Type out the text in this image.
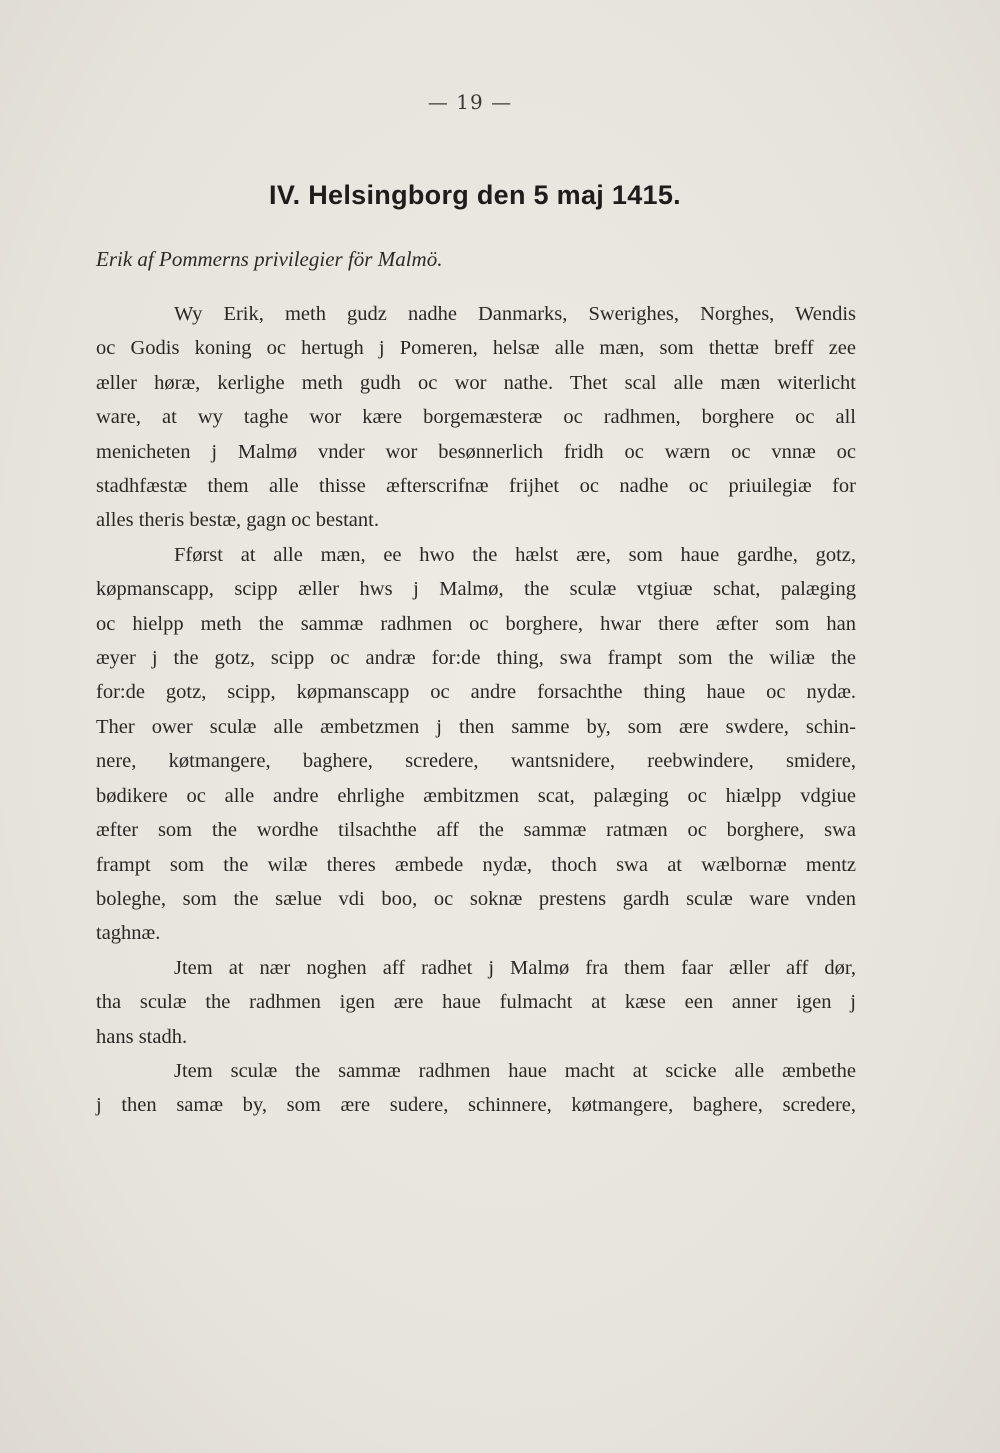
— 19 —
IV. Helsingborg den 5 maj 1415.
Erik af Pommerns privilegier för Malmö.
Wy Erik, meth gudz nadhe Danmarks, Swerighes, Norghes, Wendis
oc Godis koning oc hertugh j Pomeren, helsæ alle mæn, som thettæ breff zee
æller høræ, kerlighe meth gudh oc wor nathe. Thet scal alle mæn witerlicht
ware, at wy taghe wor kære borgemæsteræ oc radhmen, borghere oc all
menicheten j Malmø vnder wor besønnerlich fridh oc wærn oc vnnæ oc
stadhfæstæ them alle thisse æfterscrifnæ frijhet oc nadhe oc priuilegiæ for
alles theris bestæ, gagn oc bestant.
Fførst at alle mæn, ee hwo the hælst ære, som haue gardhe, gotz,
køpmanscapp, scipp æller hws j Malmø, the sculæ vtgiuæ schat, palæging
oc hielpp meth the sammæ radhmen oc borghere, hwar there æfter som han
æyer j the gotz, scipp oc andræ for:de thing, swa frampt som the wiliæ the
for:de gotz, scipp, køpmanscapp oc andre forsachthe thing haue oc nydæ.
Ther ower sculæ alle æmbetzmen j then samme by, som ære swdere, schin-
nere, køtmangere, baghere, scredere, wantsnidere, reebwindere, smidere,
bødikere oc alle andre ehrlighe æmbitzmen scat, palæging oc hiælpp vdgiue
æfter som the wordhe tilsachthe aff the sammæ ratmæn oc borghere, swa
frampt som the wilæ theres æmbede nydæ, thoch swa at wælbornæ mentz
boleghe, som the sælue vdi boo, oc soknæ prestens gardh sculæ ware vnden
taghnæ.
Jtem at nær noghen aff radhet j Malmø fra them faar æller aff dør,
tha sculæ the radhmen igen ære haue fulmacht at kæse een anner igen j
hans stadh.
Jtem sculæ the sammæ radhmen haue macht at scicke alle æmbethe
j then samæ by, som ære sudere, schinnere, køtmangere, baghere, scredere,
